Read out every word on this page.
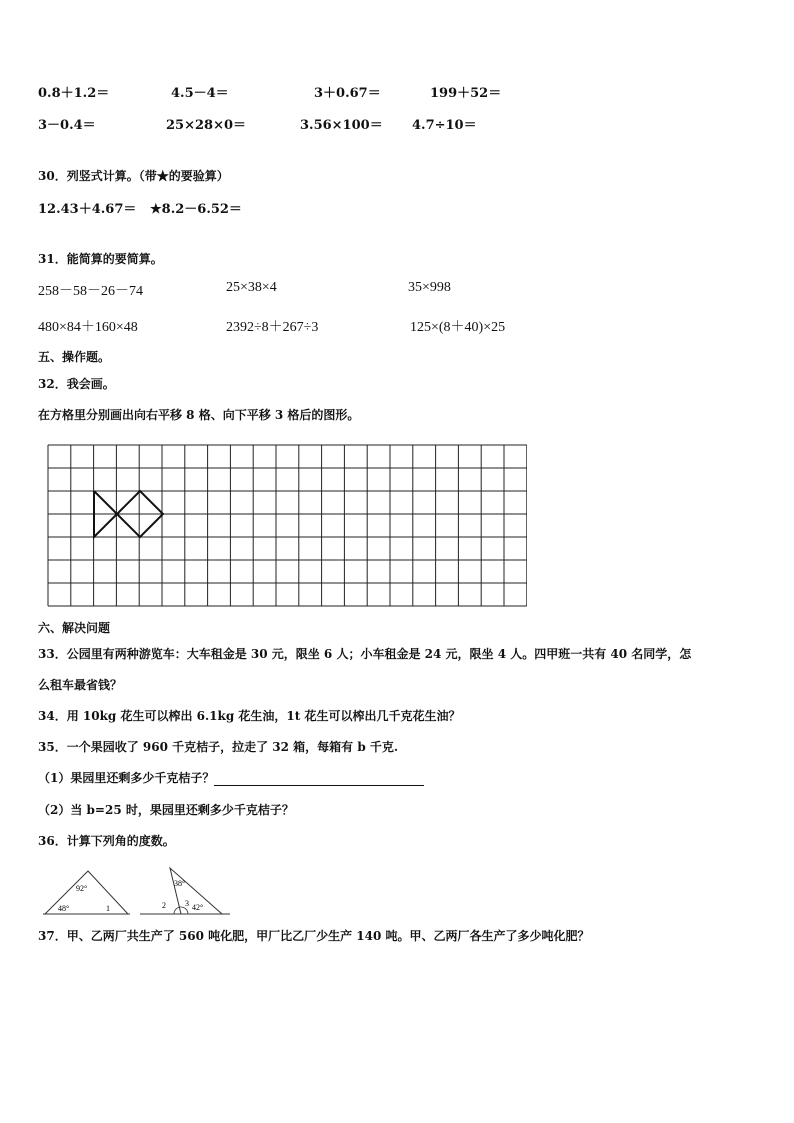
0.8＋1.2＝	4.5－4＝	3＋0.67＝	199＋52＝
3－0.4＝	25×28×0＝	3.56×100＝ 4.7÷10＝
30．列竖式计算。（带★的要验算）
12.43＋4.67＝ ★8.2－6.52＝
31．能简算的要简算。
258－58－26－74	25×38×4	35×998
480×84＋160×48	2392÷8＋267÷3	125×(8＋40)×25
五、操作题。
32．我会画。
在方格里分别画出向右平移 8 格、向下平移 3 格后的图形。
六、解决问题
33．公园里有两种游览车：大车租金是 30 元，限坐 6 人；小车租金是 24 元，限坐 4 人。四甲班一共有 40 名同学，怎
么租车最省钱？
34．用 10kg 花生可以榨出 6.1kg 花生油，1t 花生可以榨出几千克花生油？
35．一个果园收了 960 千克桔子，拉走了 32 箱，每箱有 b 千克.
（1）果园里还剩多少千克桔子？
（2）当 b=25 时，果园里还剩多少千克桔子？
36．计算下列角的度数。
92°
48°	1
38°
2 3 42°
37．甲、乙两厂共生产了 560 吨化肥，甲厂比乙厂少生产 140 吨。甲、乙两厂各生产了多少吨化肥？
